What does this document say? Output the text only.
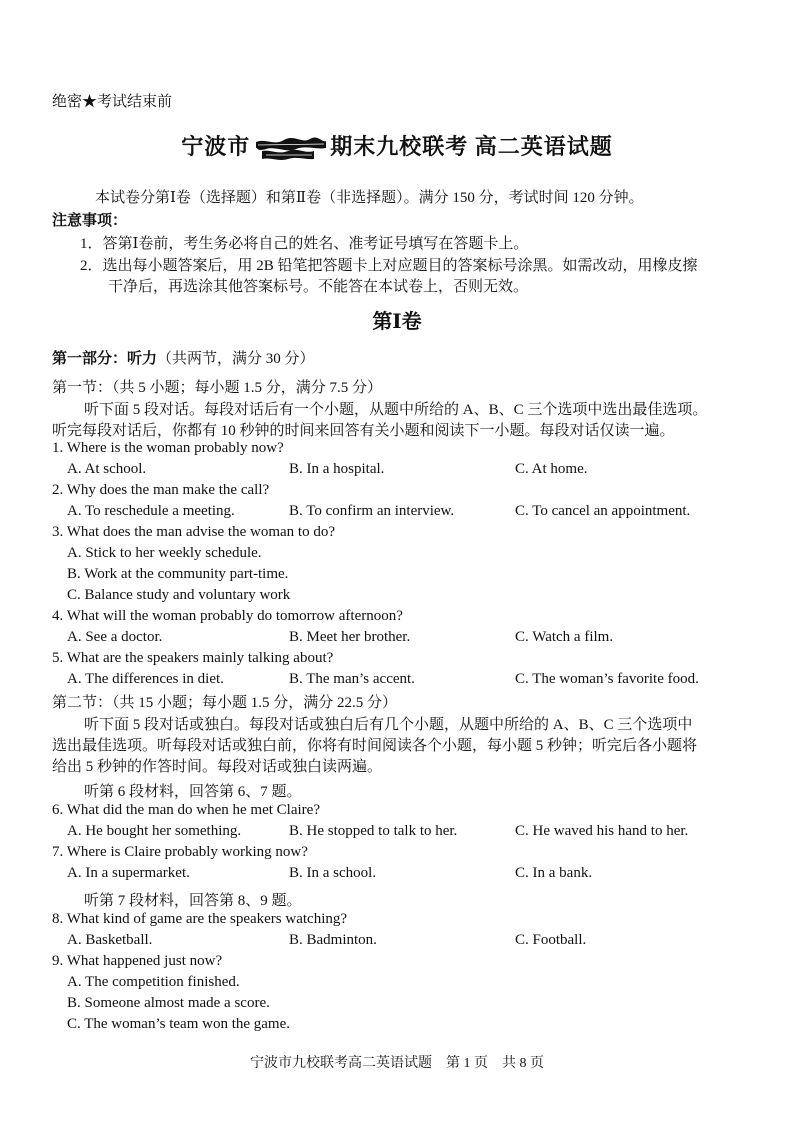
绝密★考试结束前
宁波市	期末九校联考 高二英语试题
本试卷分第Ⅰ卷（选择题）和第Ⅱ卷（非选择题）。满分 150 分，考试时间 120 分钟。
注意事项：
1．答第Ⅰ卷前，考生务必将自己的姓名、准考证号填写在答题卡上。
2．选出每小题答案后，用 2B 铅笔把答题卡上对应题目的答案标号涂黑。如需改动，用橡皮擦
干净后，再选涂其他答案标号。不能答在本试卷上，否则无效。
第Ⅰ卷
第一部分：听力（共两节，满分 30 分）
第一节：（共 5 小题；每小题 1.5 分，满分 7.5 分）
听下面 5 段对话。每段对话后有一个小题，从题中所给的 A、B、C 三个选项中选出最佳选项。
听完每段对话后，你都有 10 秒钟的时间来回答有关小题和阅读下一小题。每段对话仅读一遍。
1. Where is the woman probably now?
A. At school.	B. In a hospital.	C. At home.
2. Why does the man make the call?
A. To reschedule a meeting.	B. To confirm an interview.	C. To cancel an appointment.
3. What does the man advise the woman to do?
A. Stick to her weekly schedule.
B. Work at the community part-time.
C. Balance study and voluntary work
4. What will the woman probably do tomorrow afternoon?
A. See a doctor.	B. Meet her brother.	C. Watch a film.
5. What are the speakers mainly talking about?
A. The differences in diet.	B. The man’s accent.	C. The woman’s favorite food.
第二节：（共 15 小题；每小题 1.5 分，满分 22.5 分）
听下面 5 段对话或独白。每段对话或独白后有几个小题，从题中所给的 A、B、C 三个选项中
选出最佳选项。听每段对话或独白前，你将有时间阅读各个小题，每小题 5 秒钟；听完后各小题将
给出 5 秒钟的作答时间。每段对话或独白读两遍。
听第 6 段材料，回答第 6、7 题。
6. What did the man do when he met Claire?
A. He bought her something.	B. He stopped to talk to her.	C. He waved his hand to her.
7. Where is Claire probably working now?
A. In a supermarket.	B. In a school.	C. In a bank.
听第 7 段材料，回答第 8、9 题。
8. What kind of game are the speakers watching?
A. Basketball.	B. Badminton.	C. Football.
9. What happened just now?
A. The competition finished.
B. Someone almost made a score.
C. The woman’s team won the game.
宁波市九校联考高二英语试题　第 1 页　共 8 页
